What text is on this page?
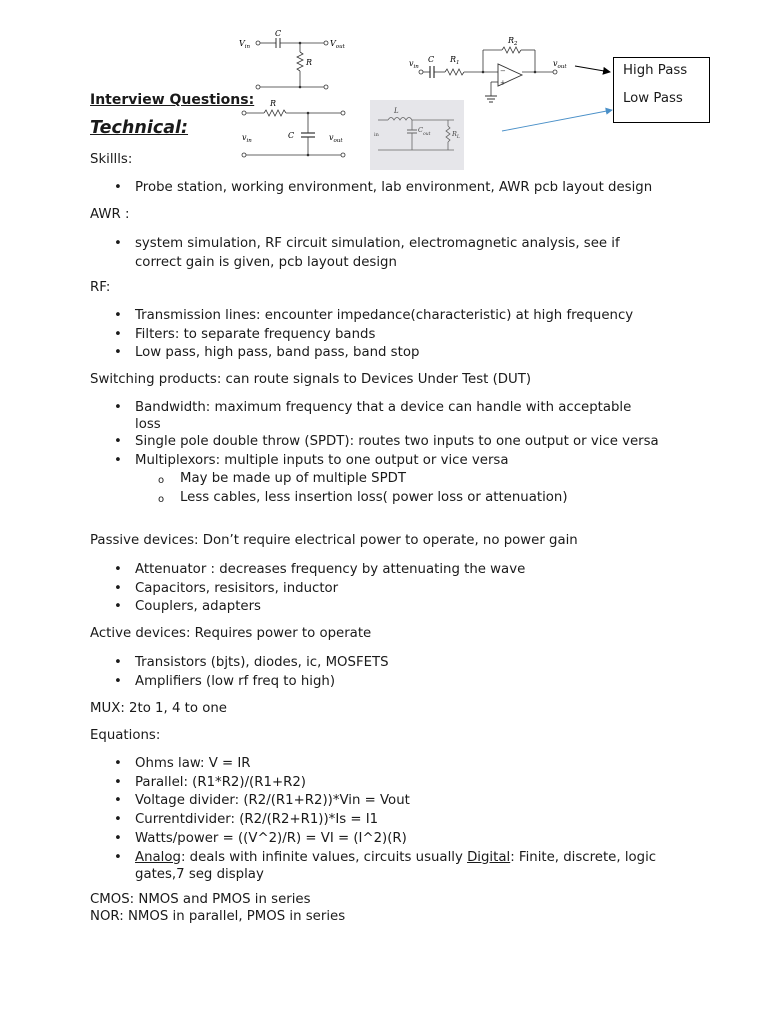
$V_{in}$
C
$V_{out}$
R
R
C
$v_{in}$	$v_{out}$
−
+
$R_2$
C $R_1$
$v_{in}$	$v_{out}$
L
$C_{out}$	$R_L$
in
High Pass
Low Pass
Interview Questions:
Technical:
Skillls:
• Probe station, working environment, lab environment, AWR pcb layout design
AWR :
• system simulation, RF circuit simulation, electromagnetic analysis, see if correct gain is given, pcb layout design
RF:
• Transmission lines: encounter impedance(characteristic) at high frequency
• Filters: to separate frequency bands
• Low pass, high pass, band pass, band stop
Switching products: can route signals to Devices Under Test (DUT)
• Bandwidth: maximum frequency that a device can handle with acceptable loss
• Single pole double throw (SPDT): routes two inputs to one output or vice versa
• Multiplexors: multiple inputs to one output or vice versa
o May be made up of multiple SPDT
o Less cables, less insertion loss( power loss or attenuation)
Passive devices: Don’t require electrical power to operate, no power gain
• Attenuator : decreases frequency by attenuating the wave
• Capacitors, resisitors, inductor
• Couplers, adapters
Active devices: Requires power to operate
• Transistors (bjts), diodes, ic, MOSFETS
• Amplifiers (low rf freq to high)
MUX: 2to 1, 4 to one
Equations:
• Ohms law: V = IR
• Parallel: (R1*R2)/(R1+R2)
• Voltage divider: (R2/(R1+R2))*Vin = Vout
• Currentdivider: (R2/(R2+R1))*Is = I1
• Watts/power = ((V^2)/R) = VI = (I^2)(R)
• Analog: deals with infinite values, circuits usually Digital: Finite, discrete, logic gates,7 seg display
CMOS: NMOS and PMOS in series
NOR: NMOS in parallel, PMOS in series
